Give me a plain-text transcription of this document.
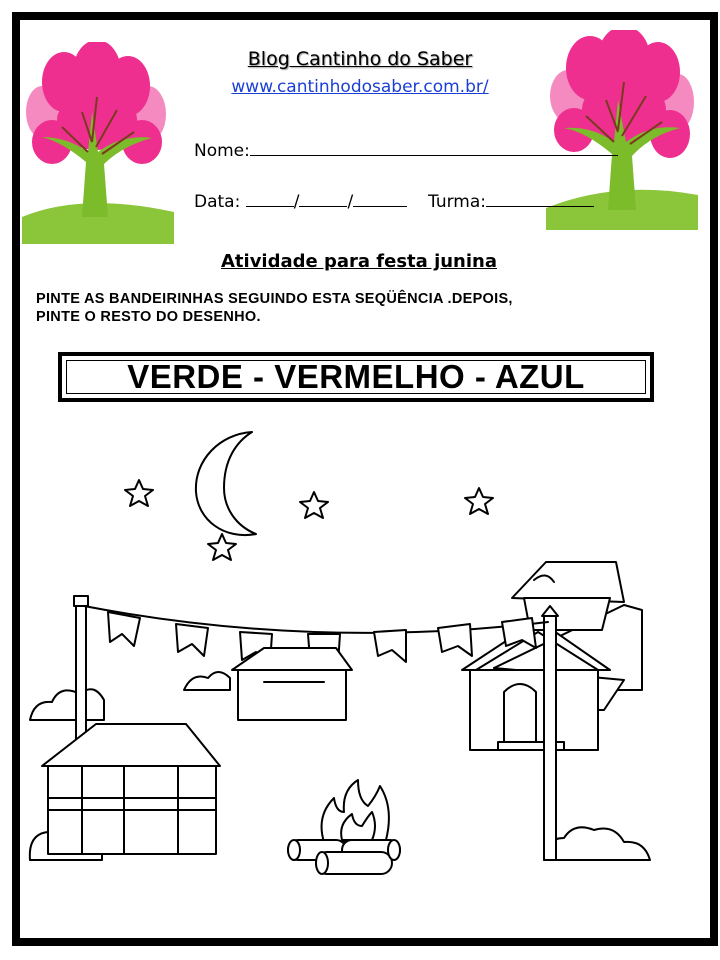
Blog Cantinho do Saber
www.cantinhodosaber.com.br/
Nome:
Data:	/	/	Turma:
Atividade para festa junina
PINTE AS BANDEIRINHAS SEGUINDO ESTA SEQÜÊNCIA .DEPOIS,
PINTE O RESTO DO DESENHO.
VERDE - VERMELHO - AZUL
